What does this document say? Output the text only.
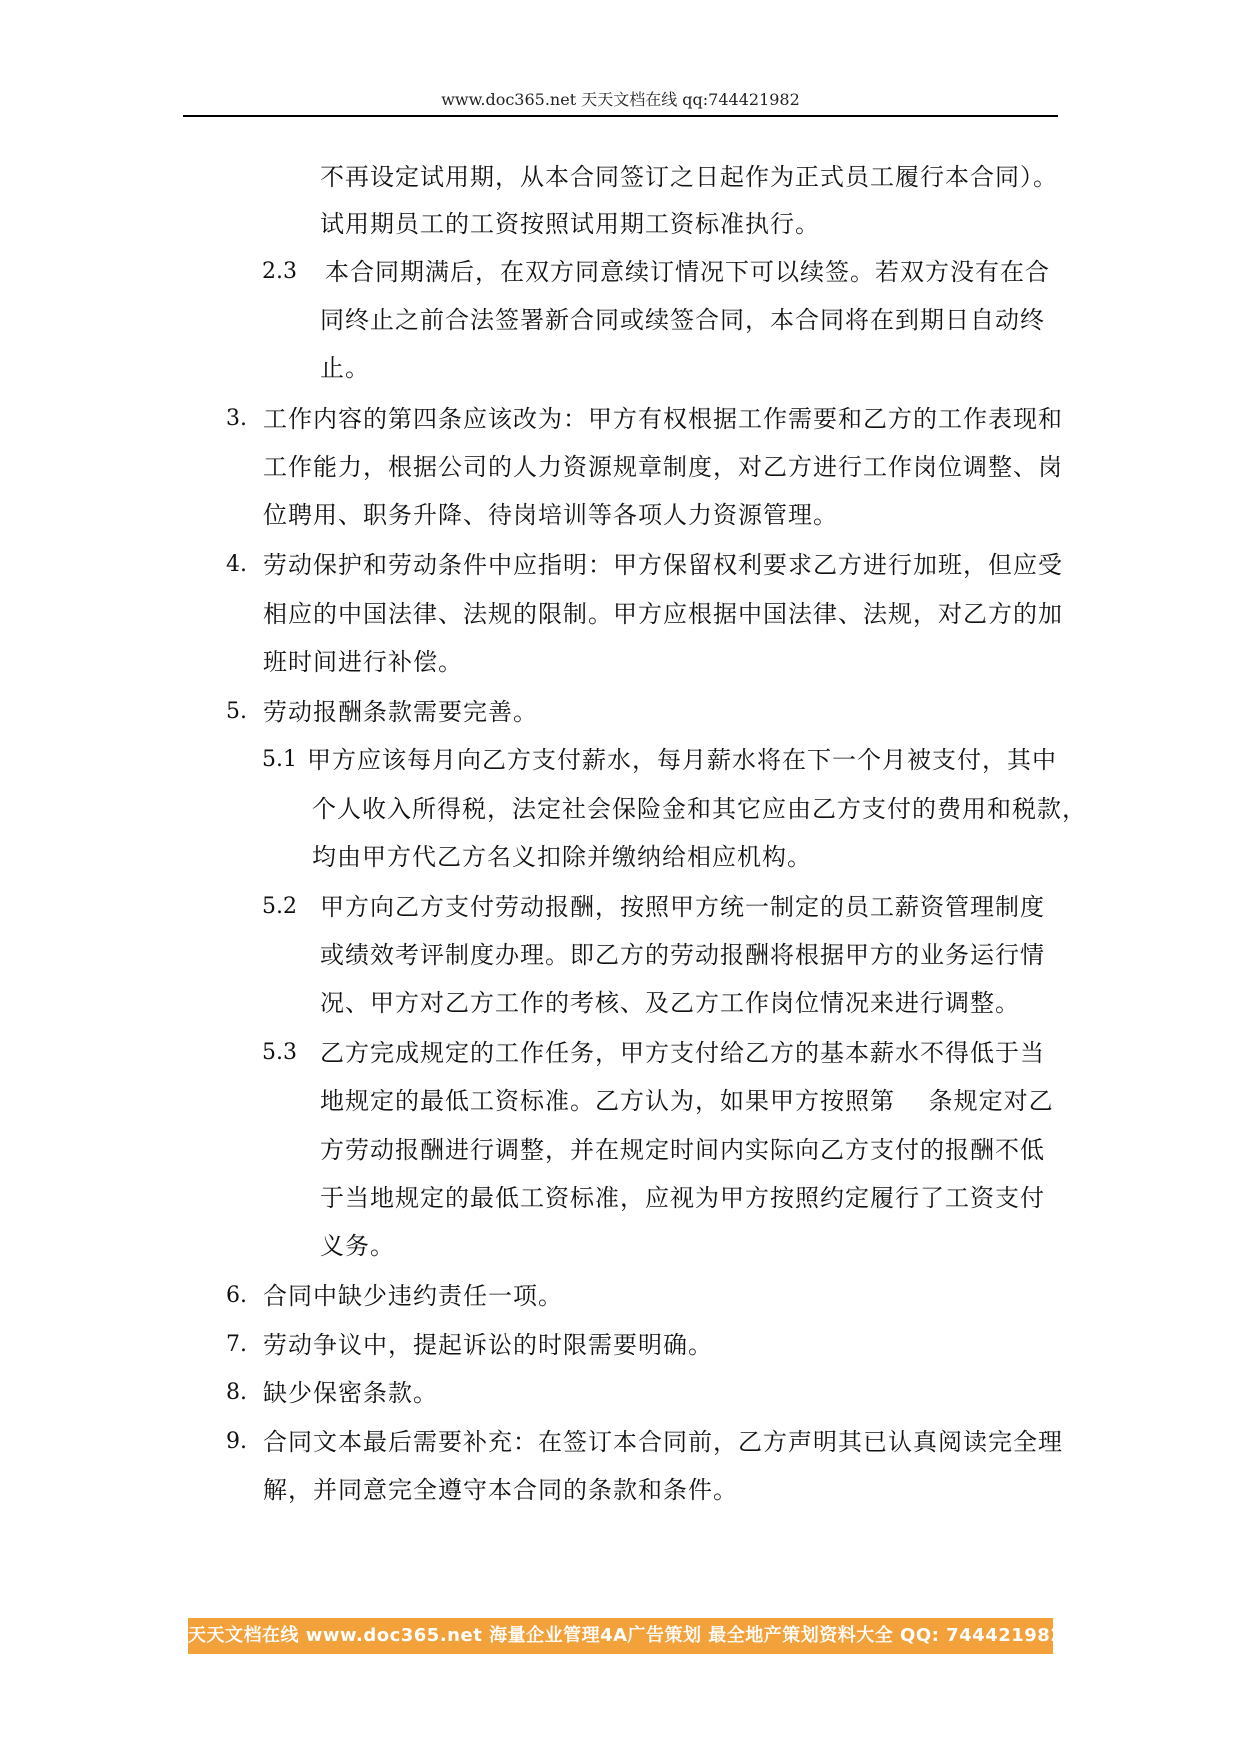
www.doc365.net 天天文档在线 qq:744421982
不再设定试用期，从本合同签订之日起作为正式员工履行本合同）。
试用期员工的工资按照试用期工资标准执行。
2.3 本合同期满后，在双方同意续订情况下可以续签。若双方没有在合
同终止之前合法签署新合同或续签合同，本合同将在到期日自动终
止。
3. 工作内容的第四条应该改为：甲方有权根据工作需要和乙方的工作表现和
工作能力，根据公司的人力资源规章制度，对乙方进行工作岗位调整、岗
位聘用、职务升降、待岗培训等各项人力资源管理。
4. 劳动保护和劳动条件中应指明：甲方保留权利要求乙方进行加班，但应受
相应的中国法律、法规的限制。甲方应根据中国法律、法规，对乙方的加
班时间进行补偿。
5. 劳动报酬条款需要完善。
5.1 甲方应该每月向乙方支付薪水，每月薪水将在下一个月被支付，其中
个人收入所得税，法定社会保险金和其它应由乙方支付的费用和税款，
均由甲方代乙方名义扣除并缴纳给相应机构。
5.2 甲方向乙方支付劳动报酬，按照甲方统一制定的员工薪资管理制度
或绩效考评制度办理。即乙方的劳动报酬将根据甲方的业务运行情
况、甲方对乙方工作的考核、及乙方工作岗位情况来进行调整。
5.3 乙方完成规定的工作任务，甲方支付给乙方的基本薪水不得低于当
地规定的最低工资标准。乙方认为，如果甲方按照第　 条规定对乙
方劳动报酬进行调整，并在规定时间内实际向乙方支付的报酬不低
于当地规定的最低工资标准，应视为甲方按照约定履行了工资支付
义务。
6. 合同中缺少违约责任一项。
7. 劳动争议中，提起诉讼的时限需要明确。
8. 缺少保密条款。
9. 合同文本最后需要补充：在签订本合同前，乙方声明其已认真阅读完全理
解，并同意完全遵守本合同的条款和条件。
天天文档在线 www.doc365.net 海量企业管理4A广告策划 最全地产策划资料大全 QQ: 744421982
